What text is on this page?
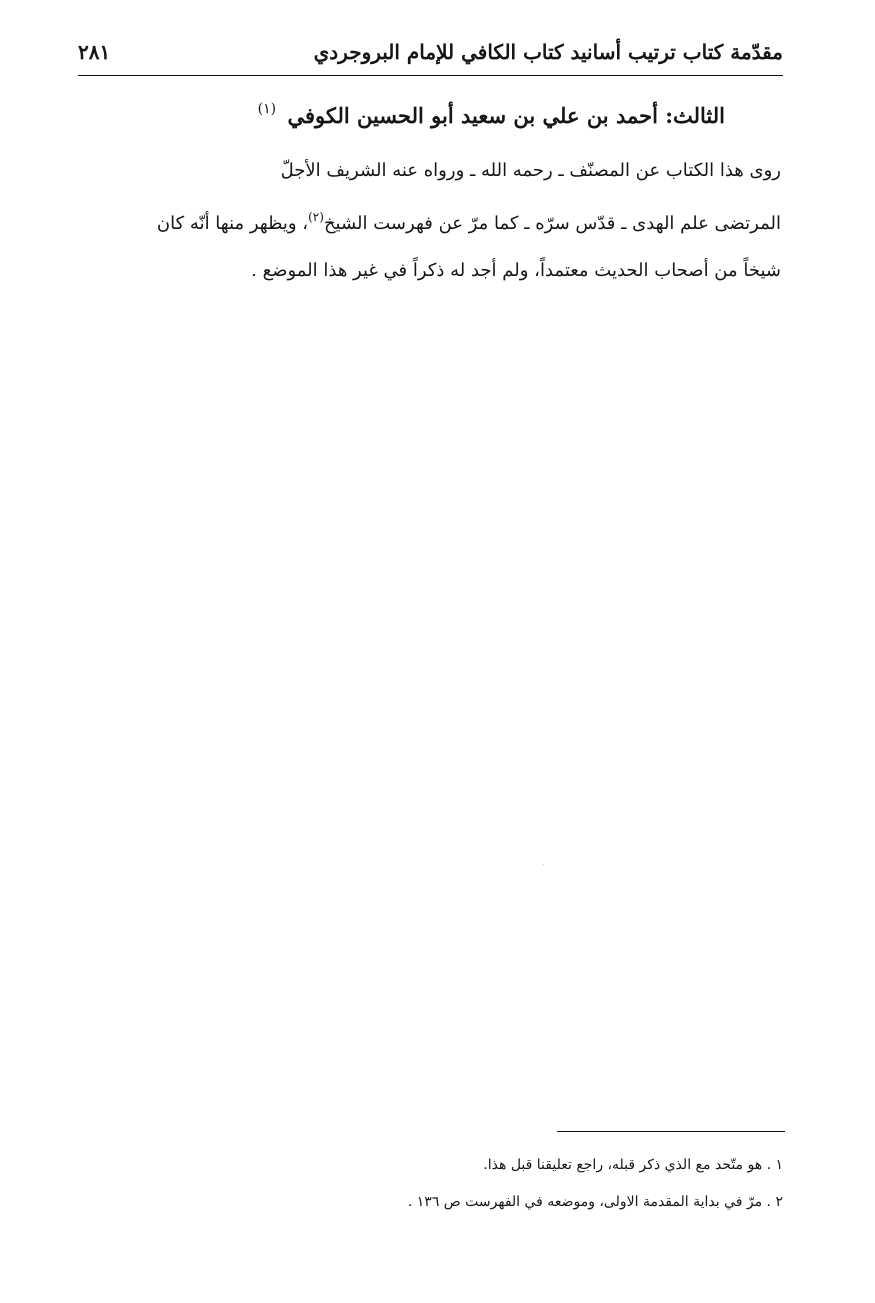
مقدّمة كتاب ترتيب أسانيد كتاب الكافي للإمام البروجردي
٢٨١
الثالث: أحمد بن علي بن سعيد أبو الحسين الكوفي $^{(١)}$
روى هذا الكتاب عن المصنّف ـ رحمه الله ـ ورواه عنه الشريف الأجلّ
المرتضى علم الهدى ـ قدّس سرّه ـ كما مرّ عن فهرست الشيخ$^{(٢)}$، ويظهر منها أنّه كان
شيخاً من أصحاب الحديث معتمداً، ولم أجد له ذكراً في غير هذا الموضع .
١ . هو متّحد مع الذي ذكر قبله، راجع تعليقنا قبل هذا.
٢ . مرّ في بداية المقدمة الاولى، وموضعه في الفهرست ص ١٣٦ .
